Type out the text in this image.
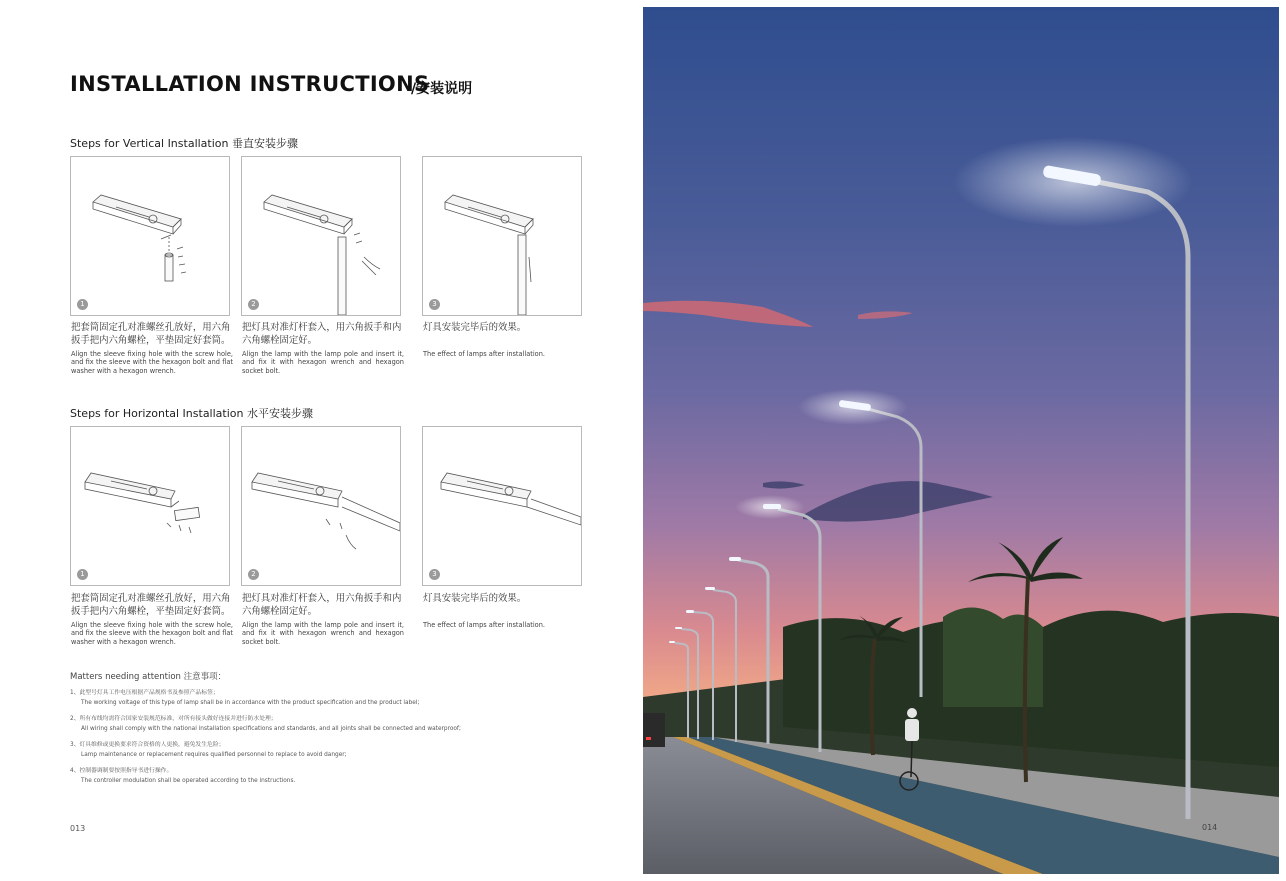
INSTALLATION INSTRUCTIONS
/安装说明
Steps for Vertical Installation 垂直安装步骤
1	2	3
把套筒固定孔对准螺丝孔放好，用六角扳手把内六角螺栓，平垫固定好套筒。
Align the sleeve fixing hole with the screw hole, and fix the sleeve with the hexagon bolt and flat washer with a hexagon wrench.
把灯具对准灯杆套入，用六角扳手和内六角螺栓固定好。
Align the lamp with the lamp pole and insert it, and fix it with hexagon wrench and hexagon socket bolt.
灯具安装完毕后的效果。
The effect of lamps after installation.
Steps for Horizontal Installation 水平安装步骤
1	2	3
把套筒固定孔对准螺丝孔放好，用六角扳手把内六角螺栓，平垫固定好套筒。
Align the sleeve fixing hole with the screw hole, and fix the sleeve with the hexagon bolt and flat washer with a hexagon wrench.
把灯具对准灯杆套入，用六角扳手和内六角螺栓固定好。
Align the lamp with the lamp pole and insert it, and fix it with hexagon wrench and hexagon socket bolt.
灯具安装完毕后的效果。
The effect of lamps after installation.
Matters needing attention 注意事项：
1、此型号灯具工作电压根据产品规格书及参照产品标签；
The working voltage of this type of lamp shall be in accordance with the product specification and the product label;
2、所有布线均需符合国家安装规范标准，对所有接头做好连接并进行防水处理；
All wiring shall comply with the national installation specifications and standards, and all joints shall be connected and waterproof;
3、灯具维修或更换要求符合资格的人更换，避免发生危险；
Lamp maintenance or replacement requires qualified personnel to replace to avoid danger;
4、控制器调制要按照指导书进行操作。
The controller modulation shall be operated according to the instructions.
013	014
